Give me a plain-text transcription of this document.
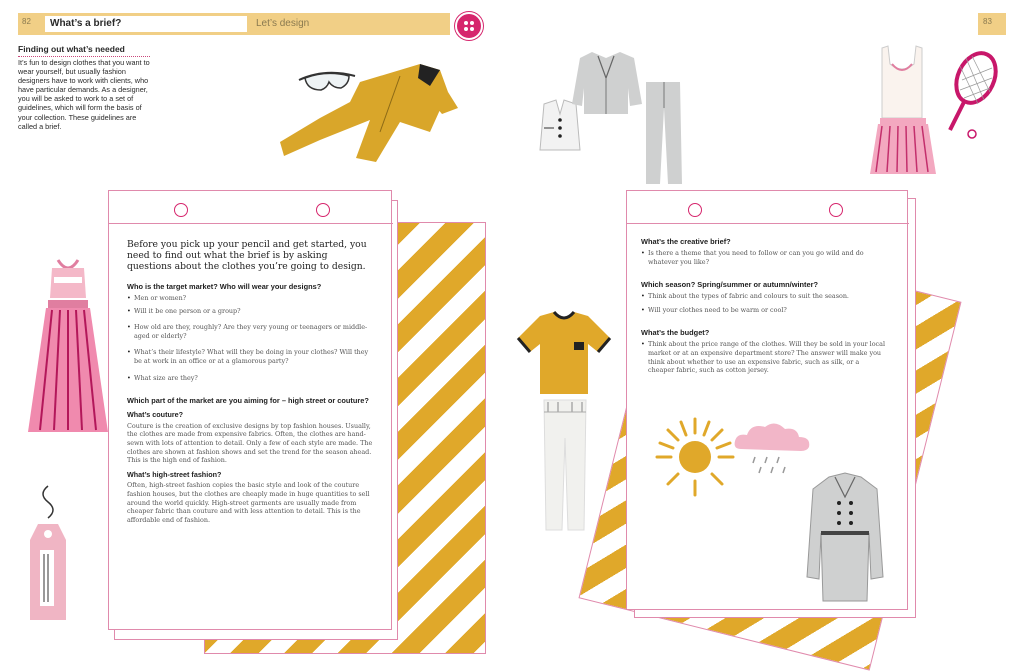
82	What’s a brief?	Let’s design	83
Finding out what’s needed
It’s fun to design clothes that you want to wear yourself, but usually fashion designers have to work with clients, who have particular demands. As a designer, you will be asked to work to a set of guidelines, which will form the basis of your collection. These guidelines are called a brief.
Before you pick up your pencil and get started, you need to find out what the brief is by asking questions about the clothes you’re going to design.
Who is the target market? Who will wear your designs?
• Men or women?
• Will it be one person or a group?
• How old are they, roughly? Are they very young or teenagers or middle-aged or elderly?
• What’s their lifestyle? What will they be doing in your clothes? Will they be at work in an office or at a glamorous party?
• What size are they?
Which part of the market are you aiming for – high street or couture?
What’s couture?
Couture is the creation of exclusive designs by top fashion houses. Usually, the clothes are made from expensive fabrics. Often, the clothes are hand-sewn with lots of attention to detail. Only a few of each style are made. The clothes are shown at fashion shows and set the trend for the season ahead. This is the high end of fashion.
What’s high-street fashion?
Often, high-street fashion copies the basic style and look of the couture fashion houses, but the clothes are cheaply made in huge quantities to sell around the world quickly. High-street garments are usually made from cheaper fabric than couture and with less attention to detail. This is the affordable end of fashion.
What’s the creative brief?
• Is there a theme that you need to follow or can you go wild and do whatever you like?
Which season? Spring/summer or autumn/winter?
• Think about the types of fabric and colours to suit the season.
• Will your clothes need to be warm or cool?
What’s the budget?
• Think about the price range of the clothes. Will they be sold in your local market or at an expensive department store? The answer will make you think about whether to use an expensive fabric, such as silk, or a cheaper fabric, such as cotton jersey.
